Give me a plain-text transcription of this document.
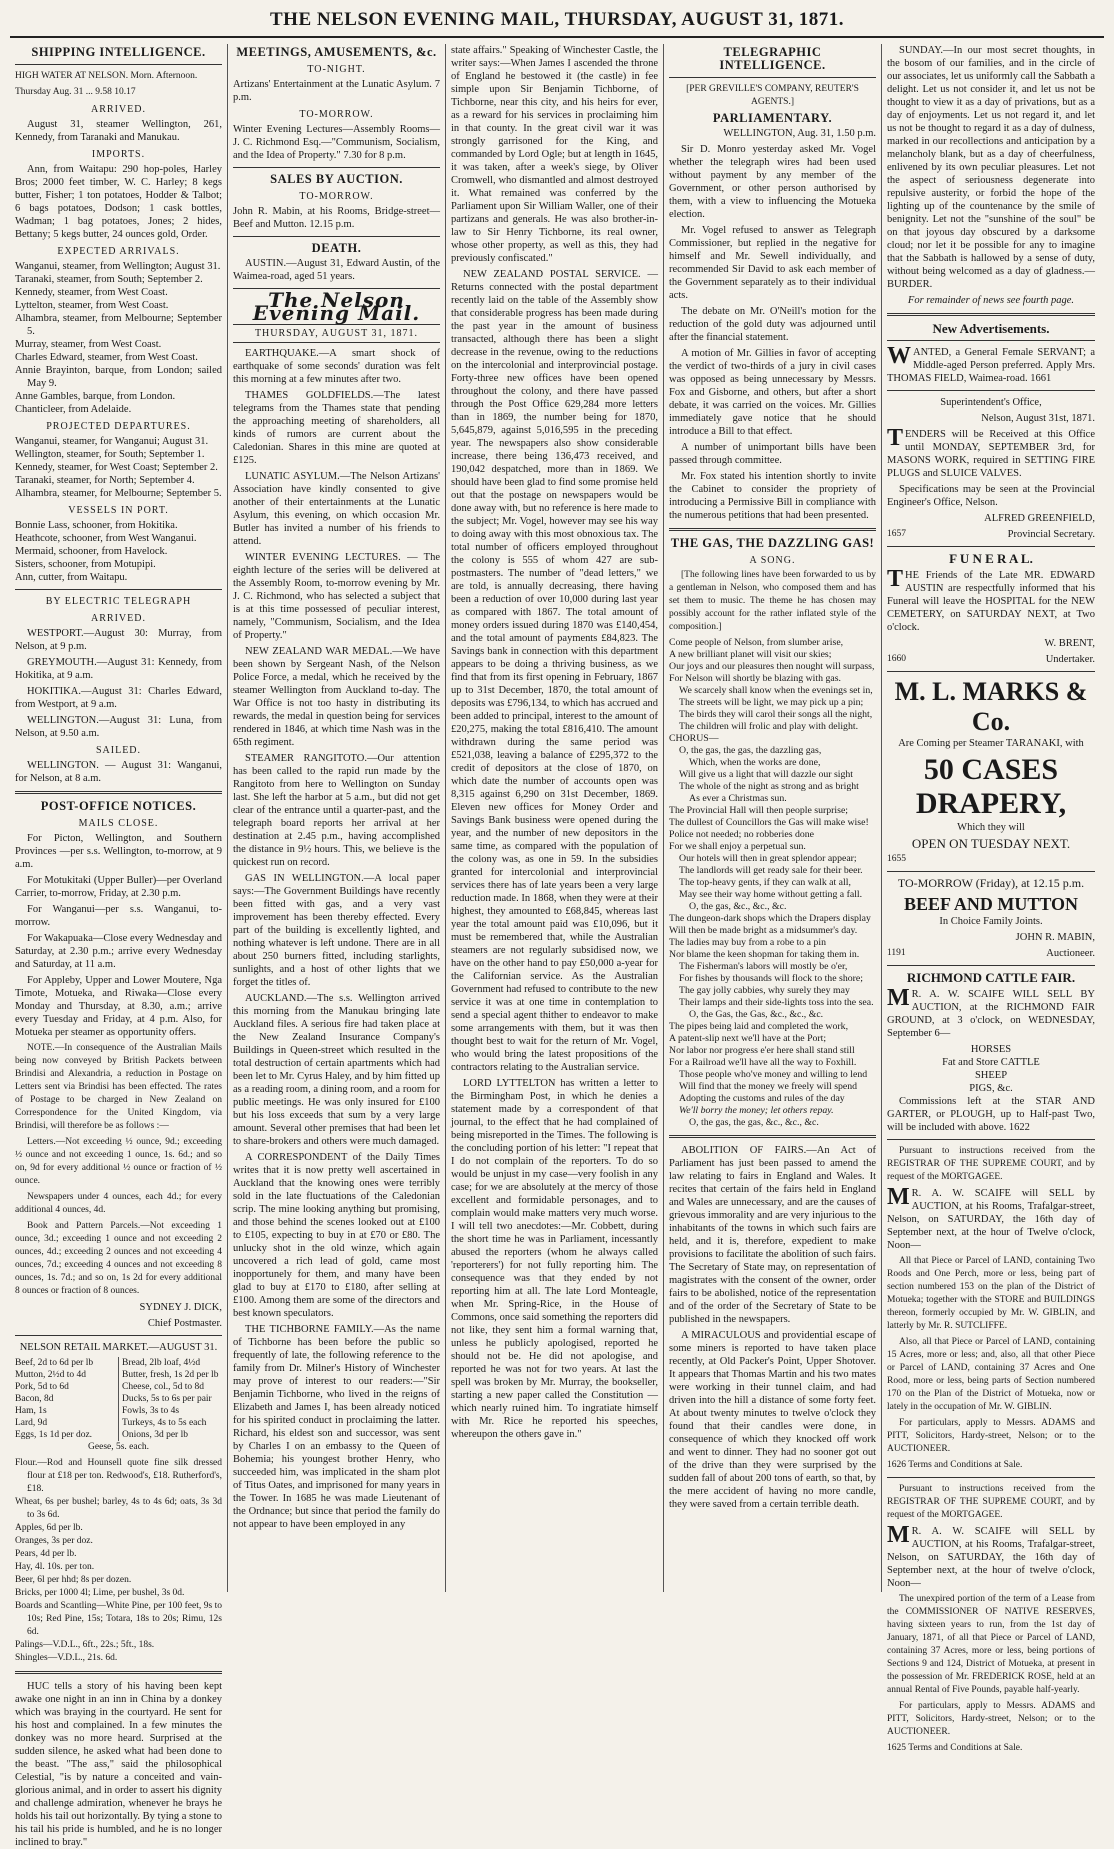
THE NELSON EVENING MAIL, THURSDAY, AUGUST 31, 1871.
SHIPPING INTELLIGENCE.

HIGH WATER AT NELSON. Morn. Afternoon.

Thursday Aug. 31 ... 9.58 10.17

ARRIVED.

August 31, steamer Wellington, 261, Kennedy, from Taranaki and Manukau.

IMPORTS.

Ann, from Waitapu: 290 hop-poles, Harley Bros; 2000 feet timber, W. C. Harley; 8 kegs butter, Fisher; 1 ton potatoes, Hodder & Talbot; 6 bags potatoes, Dodson; 1 cask bottles, Wadman; 1 bag potatoes, Jones; 2 hides, Bettany; 5 kegs butter, 24 ounces gold, Order.

EXPECTED ARRIVALS.

Wanganui, steamer, from Wellington; August 31.

Taranaki, steamer, from South; September 2.

Kennedy, steamer, from West Coast.

Lyttelton, steamer, from West Coast.

Alhambra, steamer, from Melbourne; September 5.

Murray, steamer, from West Coast.

Charles Edward, steamer, from West Coast.

Annie Brayinton, barque, from London; sailed May 9.

Anne Gambles, barque, from London.

Chanticleer, from Adelaide.

PROJECTED DEPARTURES.

Wanganui, steamer, for Wanganui; August 31.

Wellington, steamer, for South; September 1.

Kennedy, steamer, for West Coast; September 2.

Taranaki, steamer, for North; September 4.

Alhambra, steamer, for Melbourne; September 5.

VESSELS IN PORT.

Bonnie Lass, schooner, from Hokitika.

Heathcote, schooner, from West Wanganui.

Mermaid, schooner, from Havelock.

Sisters, schooner, from Motupipi.

Ann, cutter, from Waitapu.

BY ELECTRIC TELEGRAPH
ARRIVED.

WESTPORT.—August 30: Murray, from Nelson, at 9 p.m.

GREYMOUTH.—August 31: Kennedy, from Hokitika, at 9 a.m.

HOKITIKA.—August 31: Charles Edward, from Westport, at 9 a.m.

WELLINGTON.—August 31: Luna, from Nelson, at 9.50 a.m.

SAILED.

WELLINGTON. — August 31: Wanganui, for Nelson, at 8 a.m.

POST-OFFICE NOTICES.
MAILS CLOSE.

For Picton, Wellington, and Southern Provinces —per s.s. Wellington, to-morrow, at 9 a.m.

For Motukitaki (Upper Buller)—per Overland Carrier, to-morrow, Friday, at 2.30 p.m.

For Wanganui—per s.s. Wanganui, to-morrow.

For Wakapuaka—Close every Wednesday and Saturday, at 2.30 p.m.; arrive every Wednesday and Saturday, at 11 a.m.

For Appleby, Upper and Lower Moutere, Nga Timote, Motueka, and Riwaka—Close every Monday and Thursday, at 8.30, a.m.; arrive every Tuesday and Friday, at 4 p.m. Also, for Motueka per steamer as opportunity offers.

NOTE.—In consequence of the Australian Mails being now conveyed by British Packets between Brindisi and Alexandria, a reduction in Postage on Letters sent via Brindisi has been effected. The rates of Postage to be charged in New Zealand on Correspondence for the United Kingdom, via Brindisi, will therefore be as follows :—

Letters.—Not exceeding ½ ounce, 9d.; exceeding ½ ounce and not exceeding 1 ounce, 1s. 6d.; and so on, 9d for every additional ½ ounce or fraction of ½ ounce.

Newspapers under 4 ounces, each 4d.; for every additional 4 ounces, 4d.

Book and Pattern Parcels.—Not exceeding 1 ounce, 3d.; exceeding 1 ounce and not exceeding 2 ounces, 4d.; exceeding 2 ounces and not exceeding 4 ounces, 7d.; exceeding 4 ounces and not exceeding 8 ounces, 1s. 7d.; and so on, 1s 2d for every additional 8 ounces or fraction of 8 ounces.

SYDNEY J. DICK,

Chief Postmaster.

NELSON RETAIL MARKET.—AUGUST 31.

Beef, 2d to 6d per lb
Mutton, 2½d to 4d
Pork, 5d to 6d
Bacon, 8d
Ham, 1s
Lard, 9d
Eggs, 1s 1d per doz.
Bread, 2lb loaf, 4½d
Butter, fresh, 1s 2d per lb
Cheese, col., 5d to 8d
Ducks, 5s to 6s per pair
Fowls, 3s to 4s
Turkeys, 4s to 5s each
Onions, 3d per lb

Geese, 5s. each.

Flour.—Rod and Hounsell quote fine silk dressed flour at £18 per ton. Redwood's, £18. Rutherford's, £18.

Wheat, 6s per bushel; barley, 4s to 4s 6d; oats, 3s 3d to 3s 6d.

Apples, 6d per lb.

Oranges, 3s per doz.

Pears, 4d per lb.

Hay, 4l. 10s. per ton.

Beer, 6l per hhd; 8s per dozen.

Bricks, per 1000 4l; Lime, per bushel, 3s 0d.

Boards and Scantling—White Pine, per 100 feet, 9s to 10s; Red Pine, 15s; Totara, 18s to 20s; Rimu, 12s 6d.

Palings—V.D.L., 6ft., 22s.; 5ft., 18s.

Shingles—V.D.L., 21s. 6d.

HUC tells a story of his having been kept awake one night in an inn in China by a donkey which was braying in the courtyard. He sent for his host and complained. In a few minutes the donkey was no more heard. Surprised at the sudden silence, he asked what had been done to the beast. "The ass," said the philosophical Celestial, "is by nature a conceited and vain-glorious animal, and in order to assert his dignity and challenge admiration, whenever he brays he holds his tail out horizontally. By tying a stone to his tail his pride is humbled, and he is no longer inclined to bray."

MEETINGS, AMUSEMENTS, &c.
TO-NIGHT.

Artizans' Entertainment at the Lunatic Asylum. 7 p.m.

TO-MORROW.

Winter Evening Lectures—Assembly Rooms—J. C. Richmond Esq.—"Communism, Socialism, and the Idea of Property." 7.30 for 8 p.m.

SALES BY AUCTION.
TO-MORROW.

John R. Mabin, at his Rooms, Bridge-street—Beef and Mutton. 12.15 p.m.

DEATH.

AUSTIN.—August 31, Edward Austin, of the Waimea-road, aged 51 years.

The Nelson Evening Mail.
THURSDAY, AUGUST 31, 1871.

EARTHQUAKE.—A smart shock of earthquake of some seconds' duration was felt this morning at a few minutes after two.

THAMES GOLDFIELDS.—The latest telegrams from the Thames state that pending the approaching meeting of shareholders, all kinds of rumors are current about the Caledonian. Shares in this mine are quoted at £125.

LUNATIC ASYLUM.—The Nelson Artizans' Association have kindly consented to give another of their entertainments at the Lunatic Asylum, this evening, on which occasion Mr. Butler has invited a number of his friends to attend.

WINTER EVENING LECTURES. — The eighth lecture of the series will be delivered at the Assembly Room, to-morrow evening by Mr. J. C. Richmond, who has selected a subject that is at this time possessed of peculiar interest, namely, "Communism, Socialism, and the Idea of Property."

NEW ZEALAND WAR MEDAL.—We have been shown by Sergeant Nash, of the Nelson Police Force, a medal, which he received by the steamer Wellington from Auckland to-day. The War Office is not too hasty in distributing its rewards, the medal in question being for services rendered in 1846, at which time Nash was in the 65th regiment.

STEAMER RANGITOTO.—Our attention has been called to the rapid run made by the Rangitoto from here to Wellington on Sunday last. She left the harbor at 5 a.m., but did not get clear of the entrance until a quarter-past, and the telegraph board reports her arrival at her destination at 2.45 p.m., having accomplished the distance in 9½ hours. This, we believe is the quickest run on record.

GAS IN WELLINGTON.—A local paper says:—The Government Buildings have recently been fitted with gas, and a very vast improvement has been thereby effected. Every part of the building is excellently lighted, and nothing whatever is left undone. There are in all about 250 burners fitted, including starlights, sunlights, and a host of other lights that we forget the titles of.

AUCKLAND.—The s.s. Wellington arrived this morning from the Manukau bringing late Auckland files. A serious fire had taken place at the New Zealand Insurance Company's Buildings in Queen-street which resulted in the total destruction of certain apartments which had been let to Mr. Cyrus Haley, and by him fitted up as a reading room, a dining room, and a room for public meetings. He was only insured for £100 but his loss exceeds that sum by a very large amount. Several other premises that had been let to share-brokers and others were much damaged.

A CORRESPONDENT of the Daily Times writes that it is now pretty well ascertained in Auckland that the knowing ones were terribly sold in the late fluctuations of the Caledonian scrip. The mine looking anything but promising, and those behind the scenes looked out at £100 to £105, expecting to buy in at £70 or £80. The unlucky shot in the old winze, which again uncovered a rich lead of gold, came most inopportunely for them, and many have been glad to buy at £170 to £180, after selling at £100. Among them are some of the directors and best known speculators.

THE TICHBORNE FAMILY.—As the name of Tichborne has been before the public so frequently of late, the following reference to the family from Dr. Milner's History of Winchester may prove of interest to our readers:—"Sir Benjamin Tichborne, who lived in the reigns of Elizabeth and James I, has been already noticed for his spirited conduct in proclaiming the latter. Richard, his eldest son and successor, was sent by Charles I on an embassy to the Queen of Bohemia; his youngest brother Henry, who succeeded him, was implicated in the sham plot of Titus Oates, and imprisoned for many years in the Tower. In 1685 he was made Lieutenant of the Ordnance; but since that period the family do not appear to have been employed in any

state affairs." Speaking of Winchester Castle, the writer says:—When James I ascended the throne of England he bestowed it (the castle) in fee simple upon Sir Benjamin Tichborne, of Tichborne, near this city, and his heirs for ever, as a reward for his services in proclaiming him in that county. In the great civil war it was strongly garrisoned for the King, and commanded by Lord Ogle; but at length in 1645, it was taken, after a week's siege, by Oliver Cromwell, who dismantled and almost destroyed it. What remained was conferred by the Parliament upon Sir William Waller, one of their partizans and generals. He was also brother-in-law to Sir Henry Tichborne, its real owner, whose other property, as well as this, they had previously confiscated."

NEW ZEALAND POSTAL SERVICE. — Returns connected with the postal department recently laid on the table of the Assembly show that considerable progress has been made during the past year in the amount of business transacted, although there has been a slight decrease in the revenue, owing to the reductions on the intercolonial and interprovincial postage. Forty-three new offices have been opened throughout the colony, and there have passed through the Post Office 629,284 more letters than in 1869, the number being for 1870, 5,645,879, against 5,016,595 in the preceding year. The newspapers also show considerable increase, there being 136,473 received, and 190,042 despatched, more than in 1869. We should have been glad to find some promise held out that the postage on newspapers would be done away with, but no reference is here made to the subject; Mr. Vogel, however may see his way to doing away with this most obnoxious tax. The total number of officers employed throughout the colony is 555 of whom 427 are sub-postmasters. The number of "dead letters," we are told, is annually decreasing, there having been a reduction of over 10,000 during last year as compared with 1867. The total amount of money orders issued during 1870 was £140,454, and the total amount of payments £84,823. The Savings bank in connection with this department appears to be doing a thriving business, as we find that from its first opening in February, 1867 up to 31st December, 1870, the total amount of deposits was £796,134, to which has accrued and been added to principal, interest to the amount of £20,275, making the total £816,410. The amount withdrawn during the same period was £521,038, leaving a balance of £295,372 to the credit of depositors at the close of 1870, on which date the number of accounts open was 8,315 against 6,290 on 31st December, 1869. Eleven new offices for Money Order and Savings Bank business were opened during the year, and the number of new depositors in the same time, as compared with the population of the colony was, as one in 59. In the subsidies granted for intercolonial and interprovincial services there has of late years been a very large reduction made. In 1868, when they were at their highest, they amounted to £68,845, whereas last year the total amount paid was £10,096, but it must be remembered that, while the Australian steamers are not regularly subsidised now, we have on the other hand to pay £50,000 a-year for the Californian service. As the Australian Government had refused to contribute to the new service it was at one time in contemplation to send a special agent thither to endeavor to make some arrangements with them, but it was then thought best to wait for the return of Mr. Vogel, who would bring the latest propositions of the contractors relating to the Australian service.

LORD LYTTELTON has written a letter to the Birmingham Post, in which he denies a statement made by a correspondent of that journal, to the effect that he had complained of being misreported in the Times. The following is the concluding portion of his letter: "I repeat that I do not complain of the reporters. To do so would be unjust in my case—very foolish in any case; for we are absolutely at the mercy of those excellent and formidable personages, and to complain would make matters very much worse. I will tell two anecdotes:—Mr. Cobbett, during the short time he was in Parliament, incessantly abused the reporters (whom he always called 'reporterers') for not fully reporting him. The consequence was that they ended by not reporting him at all. The late Lord Monteagle, when Mr. Spring-Rice, in the House of Commons, once said something the reporters did not like, they sent him a formal warning that, unless he publicly apologised, reported he should not be. He did not apologise, and reported he was not for two years. At last the spell was broken by Mr. Murray, the bookseller, starting a new paper called the Constitution — which nearly ruined him. To ingratiate himself with Mr. Rice he reported his speeches, whereupon the others gave in."

TELEGRAPHIC INTELLIGENCE.

[PER GREVILLE'S COMPANY, REUTER'S AGENTS.]

PARLIAMENTARY.

WELLINGTON, Aug. 31, 1.50 p.m.

Sir D. Monro yesterday asked Mr. Vogel whether the telegraph wires had been used without payment by any member of the Government, or other person authorised by them, with a view to influencing the Motueka election.

Mr. Vogel refused to answer as Telegraph Commissioner, but replied in the negative for himself and Mr. Sewell individually, and recommended Sir David to ask each member of the Government separately as to their individual acts.

The debate on Mr. O'Neill's motion for the reduction of the gold duty was adjourned until after the financial statement.

A motion of Mr. Gillies in favor of accepting the verdict of two-thirds of a jury in civil cases was opposed as being unnecessary by Messrs. Fox and Gisborne, and others, but after a short debate, it was carried on the voices. Mr. Gillies immediately gave notice that he should introduce a Bill to that effect.

A number of unimportant bills have been passed through committee.

Mr. Fox stated his intention shortly to invite the Cabinet to consider the propriety of introducing a Permissive Bill in compliance with the numerous petitions that had been presented.

THE GAS, THE DAZZLING GAS!
A SONG.

[The following lines have been forwarded to us by a gentleman in Nelson, who composed them and has set them to music. The theme he has chosen may possibly account for the rather inflated style of the composition.]

Come people of Nelson, from slumber arise,

A new brilliant planet will visit our skies;

Our joys and our pleasures then nought will surpass,

For Nelson will shortly be blazing with gas.

We scarcely shall know when the evenings set in,

The streets will be light, we may pick up a pin;

The birds they will carol their songs all the night,

The children will frolic and play with delight.

CHORUS—

O, the gas, the gas, the dazzling gas,

Which, when the works are done,

Will give us a light that will dazzle our sight

The whole of the night as strong and as bright

As ever a Christmas sun.

The Provincial Hall will then people surprise;

The dullest of Councillors the Gas will make wise!

Police not needed; no robberies done

For we shall enjoy a perpetual sun.

Our hotels will then in great splendor appear;

The landlords will get ready sale for their beer.

The top-heavy gents, if they can walk at all,

May see their way home without getting a fall.

O, the gas, &c., &c., &c.

The dungeon-dark shops which the Drapers display

Will then be made bright as a midsummer's day.

The ladies may buy from a robe to a pin

Nor blame the keen shopman for taking them in.

The Fisherman's labors will mostly be o'er,

For fishes by thousands will flock to the shore;

The gay jolly cabbies, why surely they may

Their lamps and their side-lights toss into the sea.

O, the Gas, the Gas, &c., &c., &c.

The pipes being laid and completed the work,

A patent-slip next we'll have at the Port;

Nor labor nor progress e'er here shall stand still

For a Railroad we'll have all the way to Foxhill.

Those people who've money and willing to lend

Will find that the money we freely will spend

Adopting the customs and rules of the day

We'll borry the money; let others repay.

O, the gas, the gas, &c., &c., &c.

ABOLITION OF FAIRS.—An Act of Parliament has just been passed to amend the law relating to fairs in England and Wales. It recites that certain of the fairs held in England and Wales are unnecessary, and are the causes of grievous immorality and are very injurious to the inhabitants of the towns in which such fairs are held, and it is, therefore, expedient to make provisions to facilitate the abolition of such fairs. The Secretary of State may, on representation of magistrates with the consent of the owner, order fairs to be abolished, notice of the representation and of the order of the Secretary of State to be published in the newspapers.

A MIRACULOUS and providential escape of some miners is reported to have taken place recently, at Old Packer's Point, Upper Shotover. It appears that Thomas Martin and his two mates were working in their tunnel claim, and had driven into the hill a distance of some forty feet. At about twenty minutes to twelve o'clock they found that their candles were done, in consequence of which they knocked off work and went to dinner. They had no sooner got out of the drive than they were surprised by the sudden fall of about 200 tons of earth, so that, by the mere accident of having no more candle, they were saved from a certain terrible death.

SUNDAY.—In our most secret thoughts, in the bosom of our families, and in the circle of our associates, let us uniformly call the Sabbath a delight. Let us not consider it, and let us not be thought to view it as a day of privations, but as a day of enjoyments. Let us not regard it, and let us not be thought to regard it as a day of dulness, marked in our recollections and anticipation by a melancholy blank, but as a day of cheerfulness, enlivened by its own peculiar pleasures. Let not the aspect of seriousness degenerate into repulsive austerity, or forbid the hope of the lighting up of the countenance by the smile of benignity. Let not the "sunshine of the soul" be on that joyous day obscured by a darksome cloud; nor let it be possible for any to imagine that the Sabbath is hallowed by a sense of duty, without being welcomed as a day of gladness.—BURDER.

For remainder of news see fourth page.

New Advertisements.

WANTED, a General Female SERVANT; a Middle-aged Person preferred. Apply Mrs. THOMAS FIELD, Waimea-road. 1661

Superintendent's Office,

Nelson, August 31st, 1871.

TENDERS will be Received at this Office until MONDAY, SEPTEMBER 3rd, for MASONS WORK, required in SETTING FIRE PLUGS and SLUICE VALVES.

Specifications may be seen at the Provincial Engineer's Office, Nelson.

ALFRED GREENFIELD,

1657	Provincial Secretary.
F U N E R A L.

THE Friends of the Late MR. EDWARD AUSTIN are respectfully informed that his Funeral will leave the HOSPITAL for the NEW CEMETERY, on SATURDAY NEXT, at Two o'clock.

W. BRENT,

1660	Undertaker.
M. L. MARKS & Co.

Are Coming per Steamer TARANAKI, with

50 CASES DRAPERY,

Which they will

OPEN ON TUESDAY NEXT.

1655

TO-MORROW (Friday), at 12.15 p.m.

BEEF AND MUTTON

In Choice Family Joints.

JOHN R. MABIN,

1191	Auctioneer.
RICHMOND CATTLE FAIR.

MR. A. W. SCAIFE WILL SELL BY AUCTION, at the RICHMOND FAIR GROUND, at 3 o'clock, on WEDNESDAY, September 6—

HORSES
Fat and Store CATTLE
SHEEP
PIGS, &c.

Commissions left at the STAR AND GARTER, or PLOUGH, up to Half-past Two, will be included with above. 1622

Pursuant to instructions received from the REGISTRAR OF THE SUPREME COURT, and by request of the MORTGAGEE.

MR. A. W. SCAIFE will SELL by AUCTION, at his Rooms, Trafalgar-street, Nelson, on SATURDAY, the 16th day of September next, at the hour of Twelve o'clock, Noon—

All that Piece or Parcel of LAND, containing Two Roods and One Perch, more or less, being part of section numbered 153 on the plan of the District of Motueka; together with the STORE and BUILDINGS thereon, formerly occupied by Mr. W. GIBLIN, and latterly by Mr. R. SUTCLIFFE.

Also, all that Piece or Parcel of LAND, containing 15 Acres, more or less; and, also, all that other Piece or Parcel of LAND, containing 37 Acres and One Rood, more or less, being parts of Section numbered 170 on the Plan of the District of Motueka, now or lately in the occupation of Mr. W. GIBLIN.

For particulars, apply to Messrs. ADAMS and PITT, Solicitors, Hardy-street, Nelson; or to the AUCTIONEER.

1626 Terms and Conditions at Sale.

Pursuant to instructions received from the REGISTRAR OF THE SUPREME COURT, and by request of the MORTGAGEE.

MR. A. W. SCAIFE will SELL by AUCTION, at his Rooms, Trafalgar-street, Nelson, on SATURDAY, the 16th day of September next, at the hour of twelve o'clock, Noon—

The unexpired portion of the term of a Lease from the COMMISSIONER OF NATIVE RESERVES, having sixteen years to run, from the 1st day of January, 1871, of all that Piece or Parcel of LAND, containing 37 Acres, more or less, being portions of Sections 9 and 124, District of Motueka, at present in the possession of Mr. FREDERICK ROSE, held at an annual Rental of Five Pounds, payable half-yearly.

For particulars, apply to Messrs. ADAMS and PITT, Solicitors, Hardy-street, Nelson; or to the AUCTIONEER.

1625 Terms and Conditions at Sale.
